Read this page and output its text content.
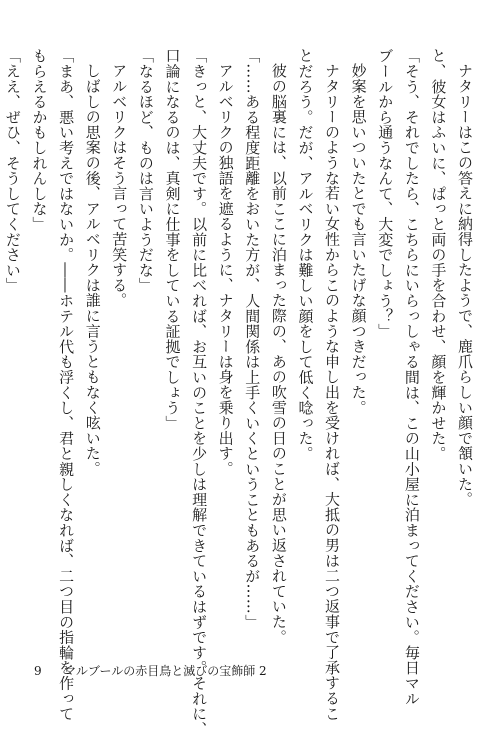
ナタリーはこの答えに納得したようで、鹿爪らしい顔で頷いた。

と、彼女はふいに、ぱっと両の手を合わせ、顔を輝かせた。

「そう、それでしたら、こちらにいらっしゃる間は、この山小屋に泊まってください。毎日マル

ブールから通うなんて、大変でしょう？」

妙案を思いついたとでも言いたげな顔つきだった。

ナタリーのような若い女性からこのような申し出を受ければ、大抵の男は二つ返事で了承するこ

とだろう。だが、アルベリクは難しい顔をして低く唸った。

彼の脳裏には、以前ここに泊まった際の、あの吹雪の日のことが思い返されていた。

「……ある程度距離をおいた方が、人間関係は上手くいくということもあるが……」

アルベリクの独語を遮るように、ナタリーは身を乗り出す。

「きっと、大丈夫です。以前に比べれば、お互いのことを少しは理解できているはずです。それに、

口論になるのは、真剣に仕事をしている証拠でしょう」

「なるほど、ものは言いようだな」

アルベリクはそう言って苦笑する。

しばしの思案の後、アルベリクは誰に言うともなく呟いた。

「まあ、悪い考えではないか。――ホテル代も浮くし、君と親しくなれば、二つ目の指輪を作って

もらえるかもしれんしな」

「ええ、ぜひ、そうしてください」

9 マルブールの赤目鳥と滅びの宝飾師 2
